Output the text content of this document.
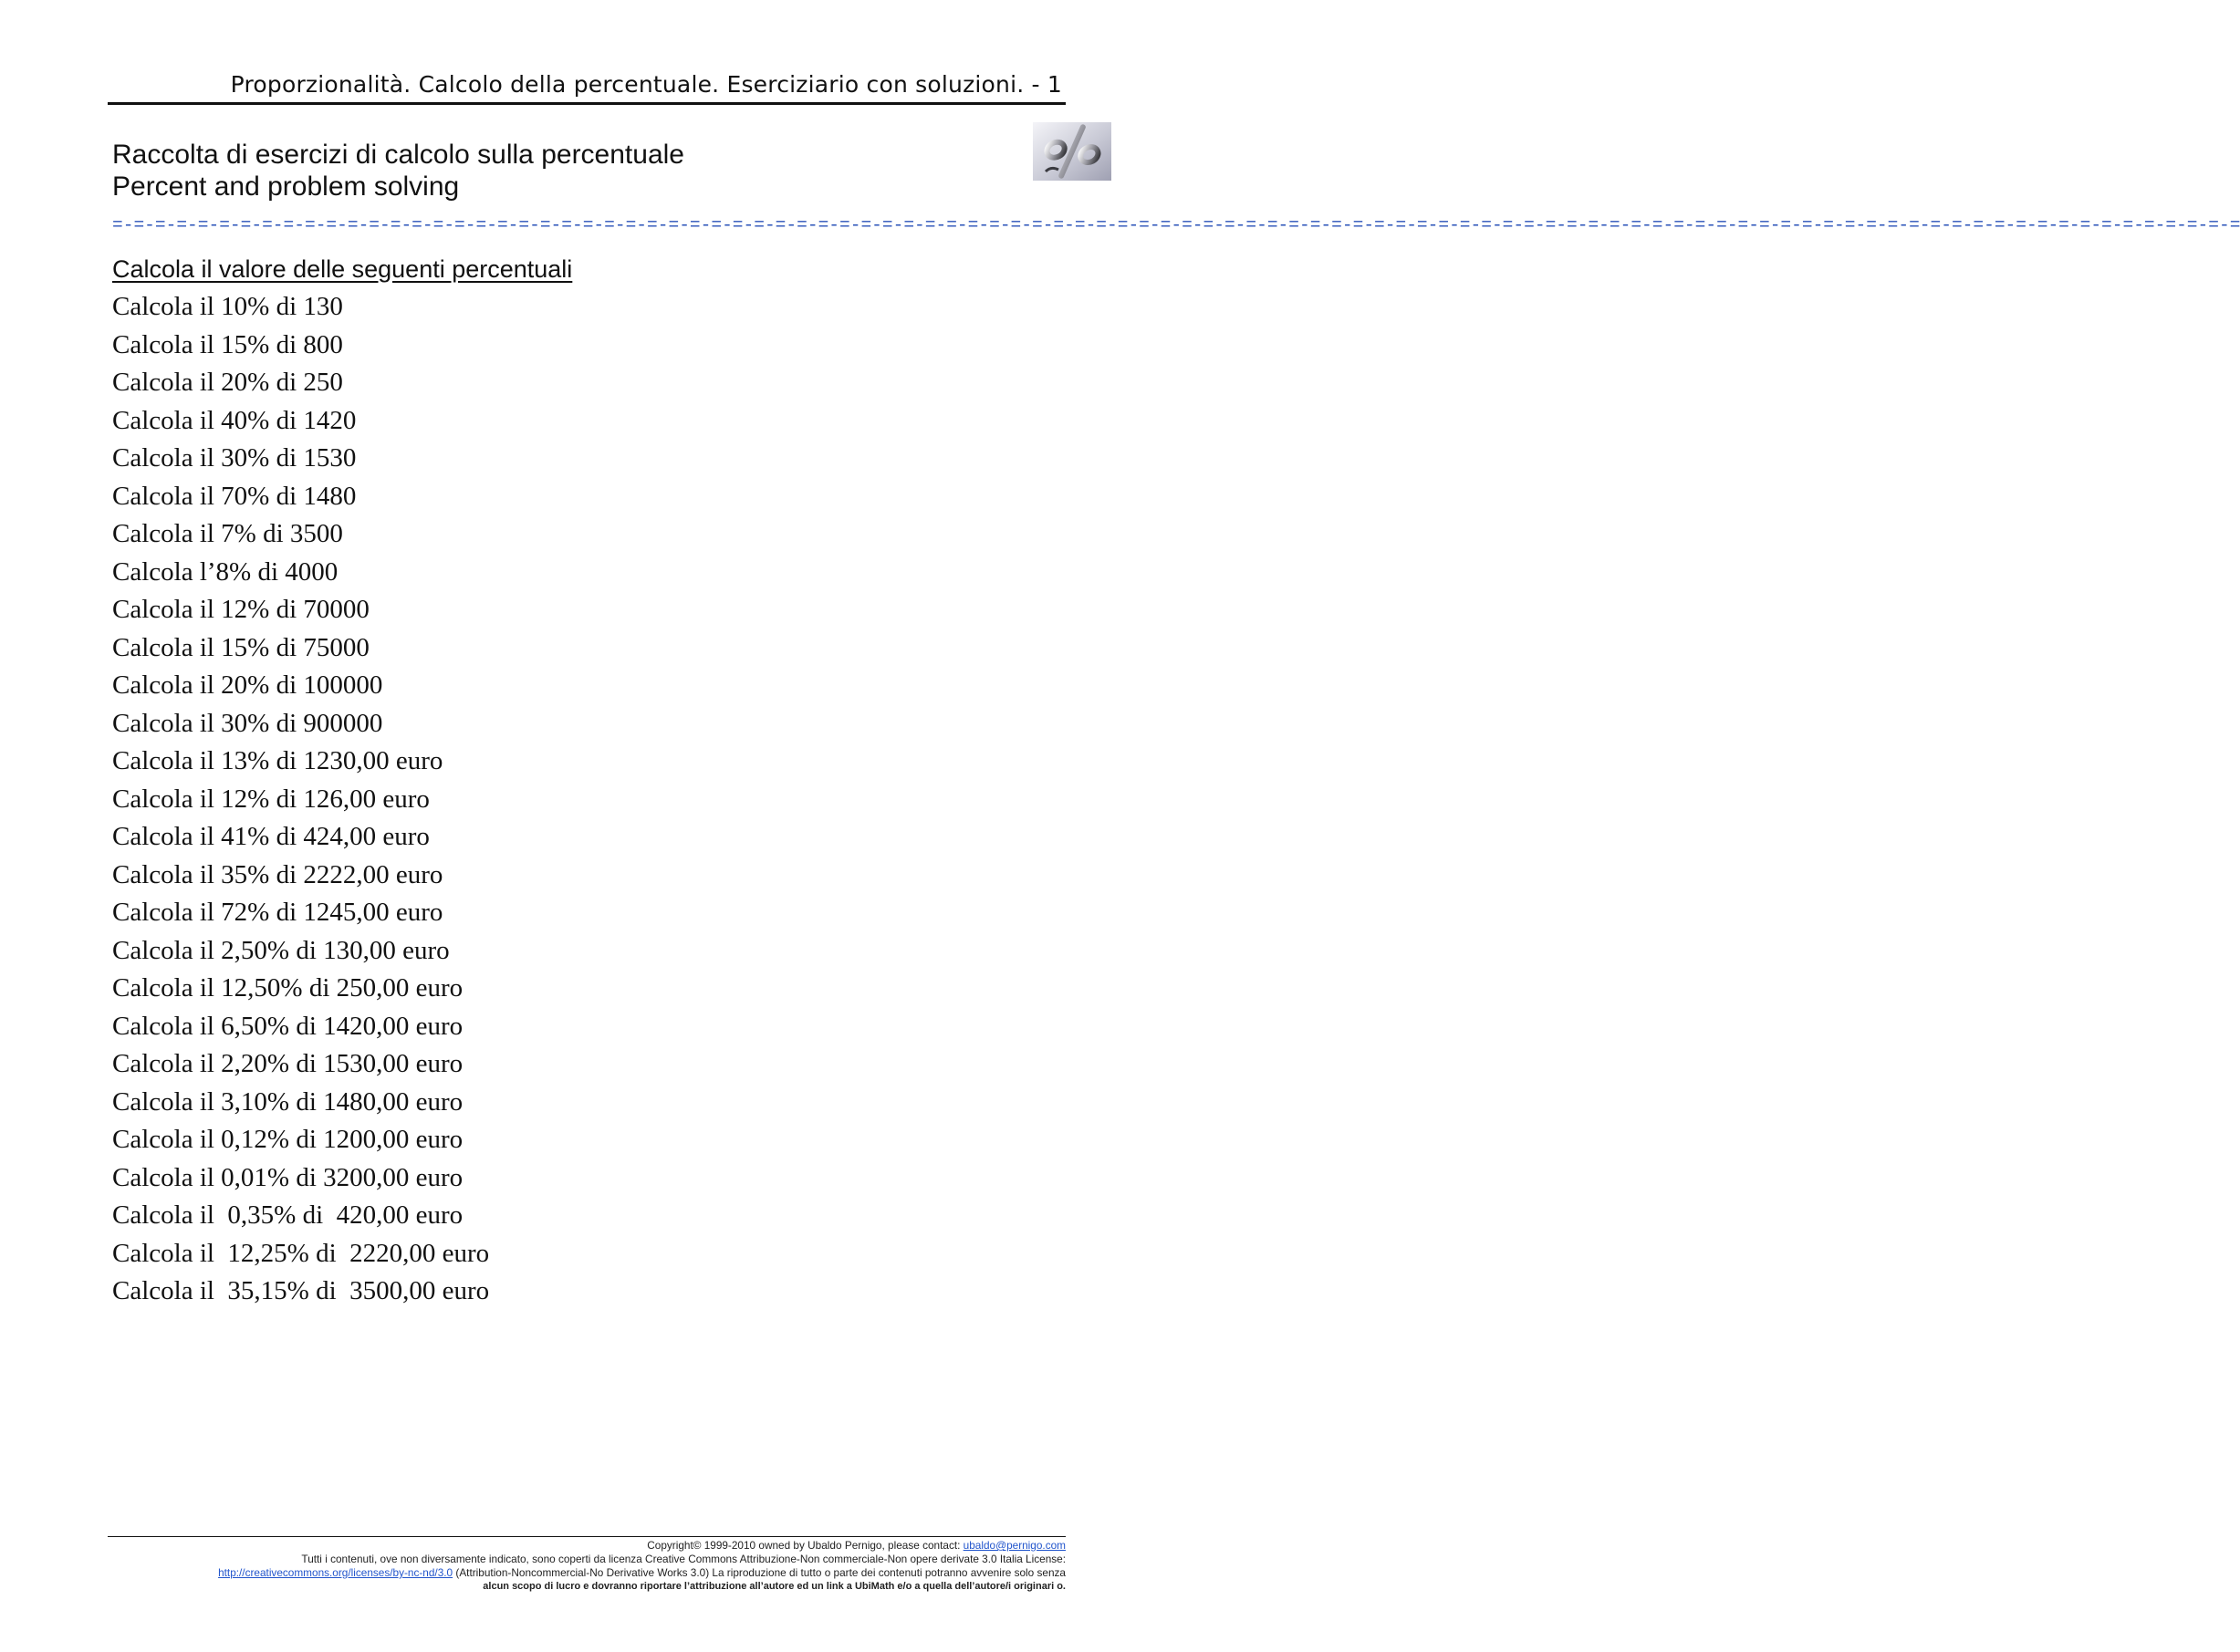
Proporzionalità. Calcolo della percentuale. Eserciziario con soluzioni. - 1
Raccolta di esercizi di calcolo sulla percentuale
Percent and problem solving
=-=-=-=-=-=-=-=-=-=-=-=-=-=-=-=-=-=-=-=-=-=-=-=-=-=-=-=-=-=-=-=-=-=-=-=-=-=-=-=-=-=-=-=-=-=-=-=-=-=-=-=-=-=-=-=-=-=-=-=-=-=-=-=-=-=-=-=-=-=-=-=-=-=-=-=-=-=-=-=-=-=-=-=-=-=-=-=-=-=-=-=-=-=-=-=-=-=-=-=
Calcola il valore delle seguenti percentuali
Calcola il 10% di 130
Calcola il 15% di 800
Calcola il 20% di 250
Calcola il 40% di 1420
Calcola il 30% di 1530
Calcola il 70% di 1480
Calcola il 7% di 3500
Calcola l’8% di 4000
Calcola il 12% di 70000
Calcola il 15% di 75000
Calcola il 20% di 100000
Calcola il 30% di 900000
Calcola il 13% di 1230,00 euro
Calcola il 12% di 126,00 euro
Calcola il 41% di 424,00 euro
Calcola il 35% di 2222,00 euro
Calcola il 72% di 1245,00 euro
Calcola il 2,50% di 130,00 euro
Calcola il 12,50% di 250,00 euro
Calcola il 6,50% di 1420,00 euro
Calcola il 2,20% di 1530,00 euro
Calcola il 3,10% di 1480,00 euro
Calcola il 0,12% di 1200,00 euro
Calcola il 0,01% di 3200,00 euro
Calcola il  0,35% di  420,00 euro
Calcola il  12,25% di  2220,00 euro
Calcola il  35,15% di  3500,00 euro
Copyright© 1999-2010 owned by Ubaldo Pernigo, please contact: ubaldo@pernigo.com
Tutti i contenuti, ove non diversamente indicato, sono coperti da licenza Creative Commons Attribuzione-Non commerciale-Non opere derivate 3.0 Italia License:
http://creativecommons.org/licenses/by-nc-nd/3.0 (Attribution-Noncommercial-No Derivative Works 3.0) La riproduzione di tutto o parte dei contenuti potranno avvenire solo senza
alcun scopo di lucro e dovranno riportare l’attribuzione all’autore ed un link a UbiMath e/o a quella dell’autore/i originari o.
